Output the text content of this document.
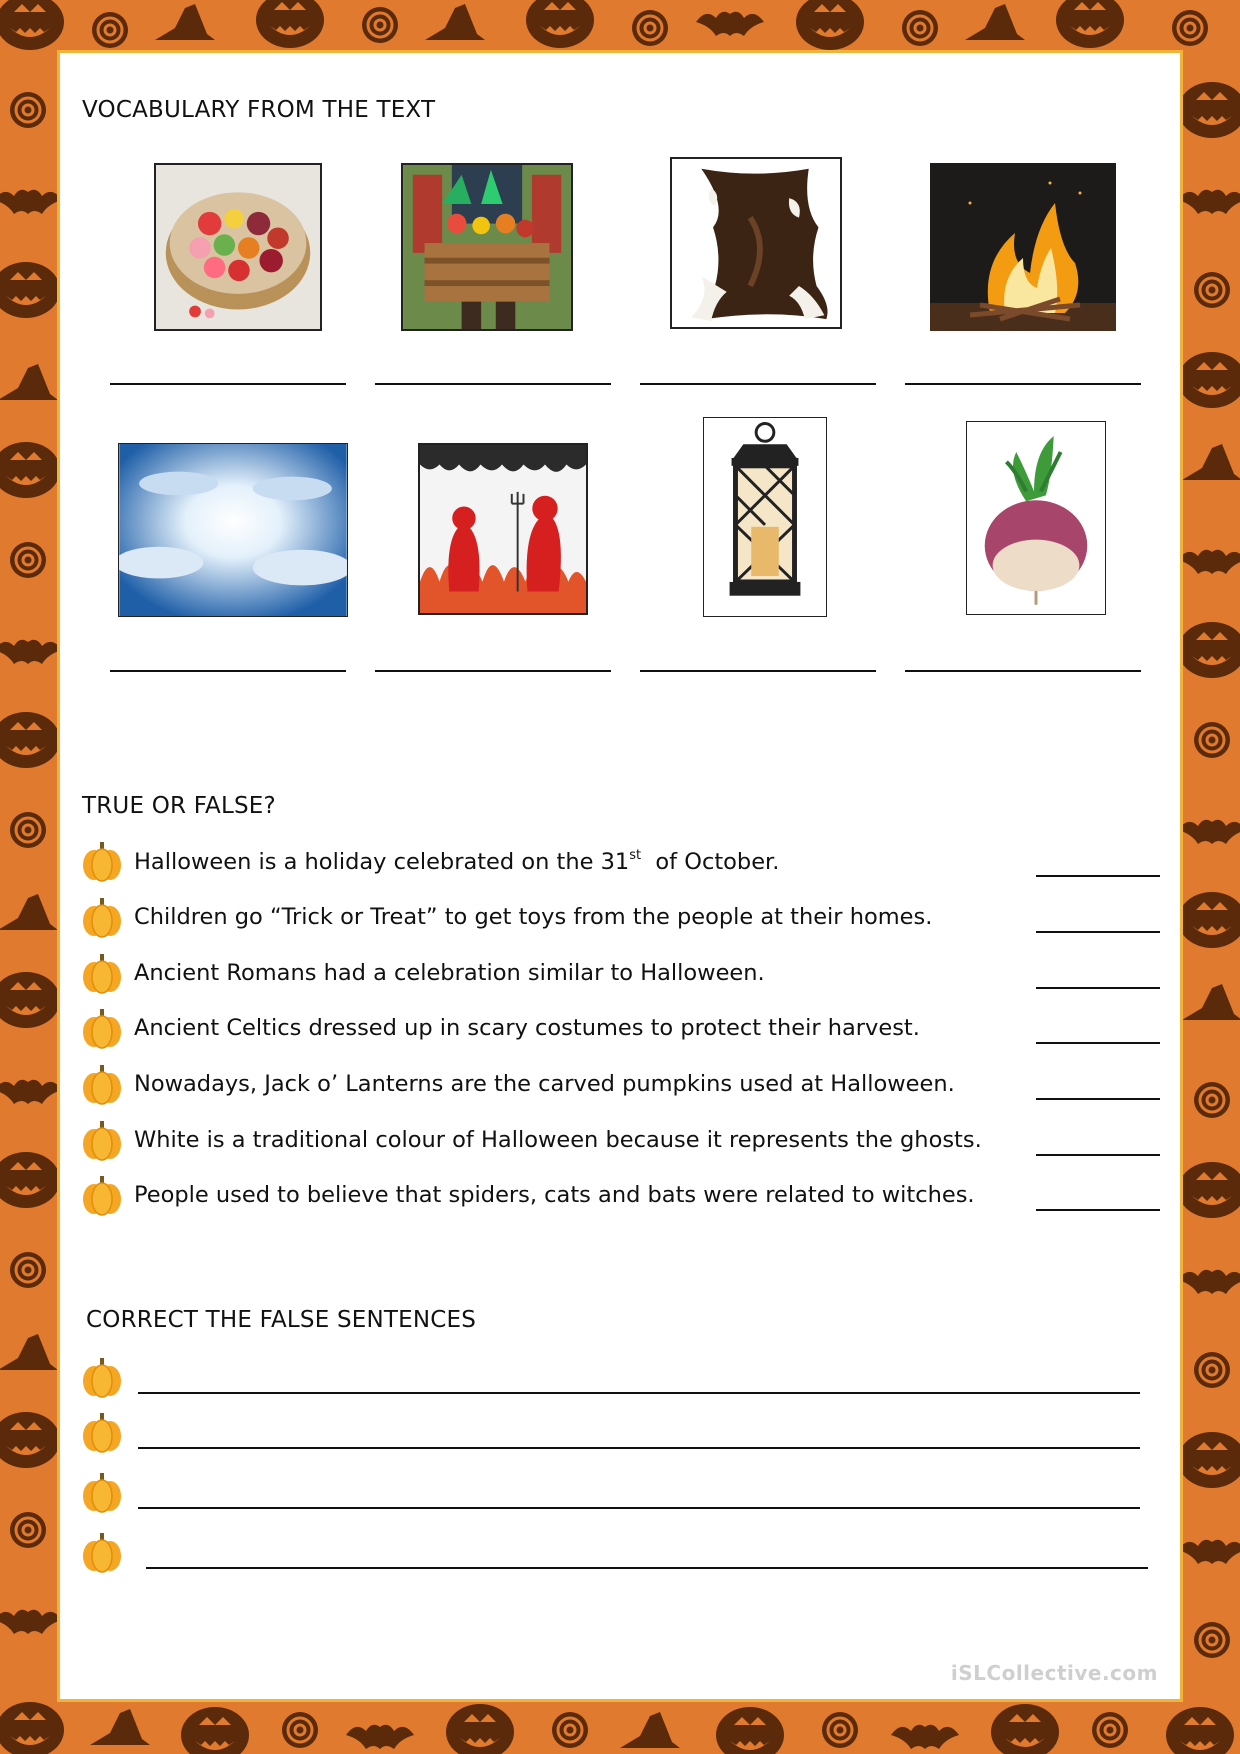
VOCABULARY FROM THE TEXT
TRUE OR FALSE?
Halloween is a holiday celebrated on the 31st  of October.
Children go “Trick or Treat” to get toys from the people at their homes.
Ancient Romans had a celebration similar to Halloween.
Ancient Celtics dressed up in scary costumes to protect their harvest.
Nowadays, Jack o’ Lanterns are the carved pumpkins used at Halloween.
White is a traditional colour of Halloween because it represents the ghosts.
People used to believe that spiders, cats and bats were related to witches.
CORRECT THE FALSE SENTENCES
iSLCollective.com
